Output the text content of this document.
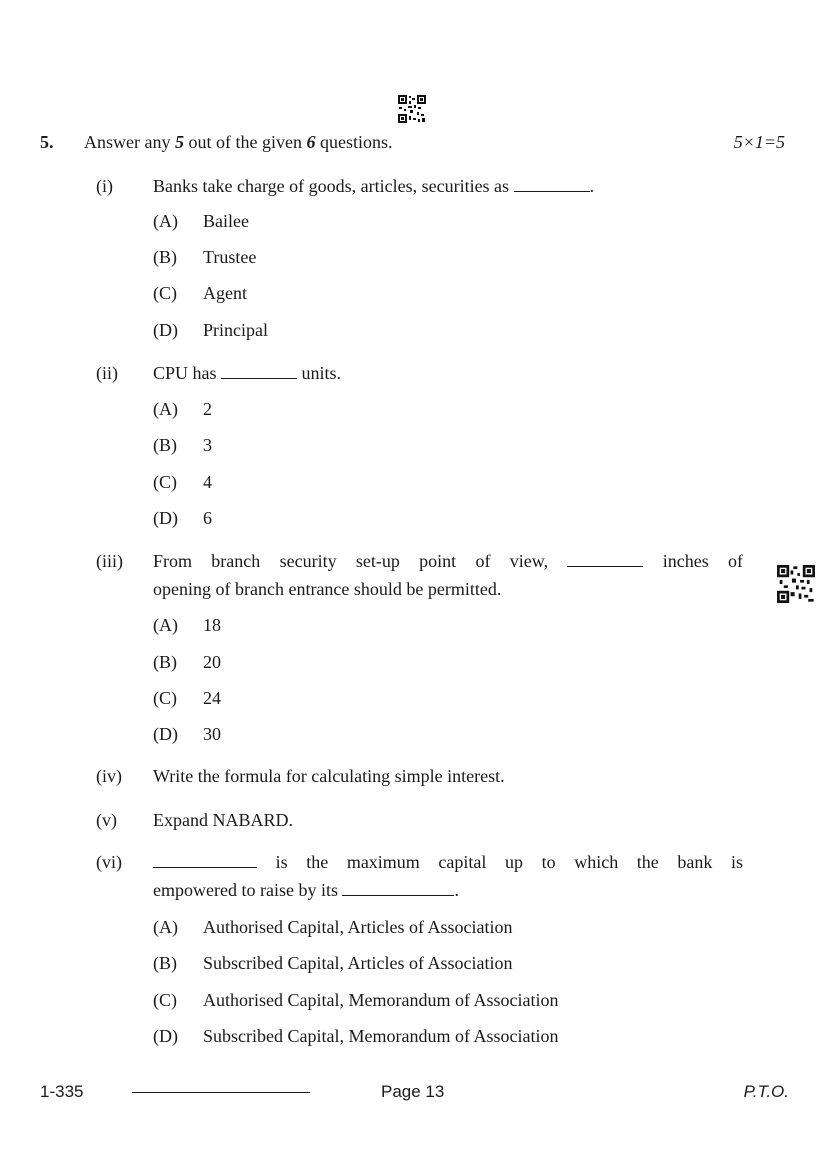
5. Answer any 5 out of the given 6 questions.	5×1=5
(i) Banks take charge of goods, articles, securities as	.
(A) Bailee
(B) Trustee
(C) Agent
(D) Principal
(ii) CPU has	units.
(A) 2
(B) 3
(C) 4
(D) 6
(iii) From branch security set-up point of view,	inches of
opening of branch entrance should be permitted.
(A) 18
(B) 20
(C) 24
(D) 30
(iv) Write the formula for calculating simple interest.
(v) Expand NABARD.
(vi)	is the maximum capital up to which the bank is
empowered to raise by its	.
(A) Authorised Capital, Articles of Association
(B) Subscribed Capital, Articles of Association
(C) Authorised Capital, Memorandum of Association
(D) Subscribed Capital, Memorandum of Association
1-335	Page 13	P.T.O.
